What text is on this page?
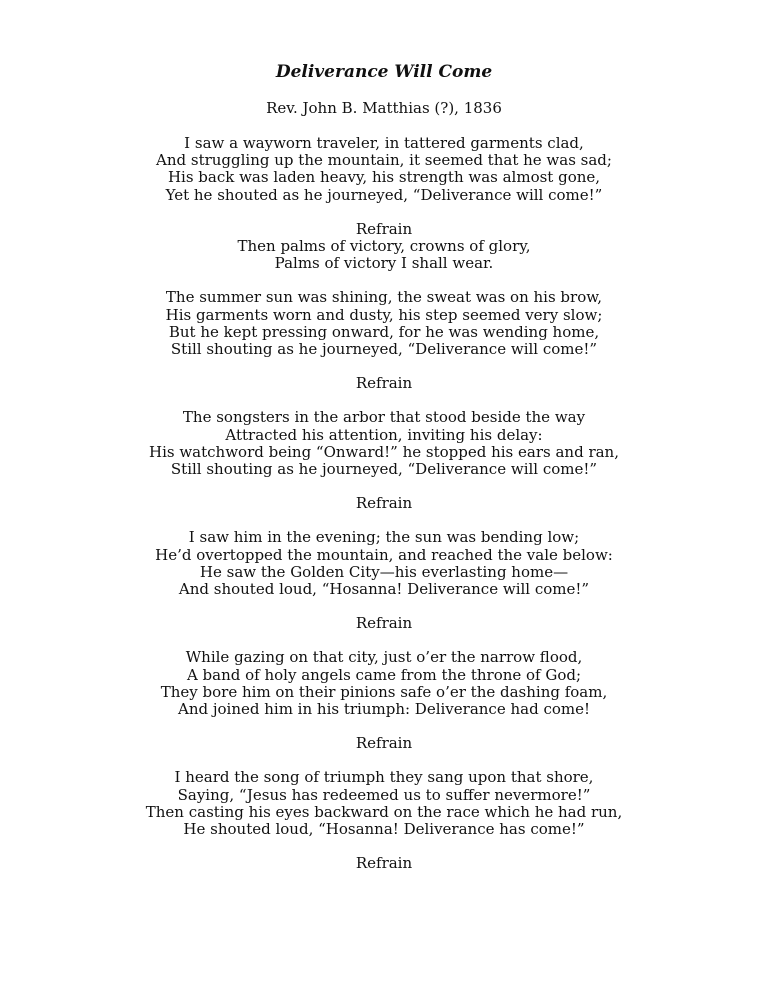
Deliverance Will Come
Rev. John B. Matthias (?), 1836
I saw a wayworn traveler, in tattered garments clad,
And struggling up the mountain, it seemed that he was sad;
His back was laden heavy, his strength was almost gone,
Yet he shouted as he journeyed, “Deliverance will come!”
Refrain
Then palms of victory, crowns of glory,
Palms of victory I shall wear.
The summer sun was shining, the sweat was on his brow,
His garments worn and dusty, his step seemed very slow;
But he kept pressing onward, for he was wending home,
Still shouting as he journeyed, “Deliverance will come!”
Refrain
The songsters in the arbor that stood beside the way
Attracted his attention, inviting his delay:
His watchword being “Onward!” he stopped his ears and ran,
Still shouting as he journeyed, “Deliverance will come!”
Refrain
I saw him in the evening; the sun was bending low;
He’d overtopped the mountain, and reached the vale below:
He saw the Golden City—his everlasting home—
And shouted loud, “Hosanna! Deliverance will come!”
Refrain
While gazing on that city, just o’er the narrow flood,
A band of holy angels came from the throne of God;
They bore him on their pinions safe o’er the dashing foam,
And joined him in his triumph: Deliverance had come!
Refrain
I heard the song of triumph they sang upon that shore,
Saying, “Jesus has redeemed us to suffer nevermore!”
Then casting his eyes backward on the race which he had run,
He shouted loud, “Hosanna! Deliverance has come!”
Refrain
